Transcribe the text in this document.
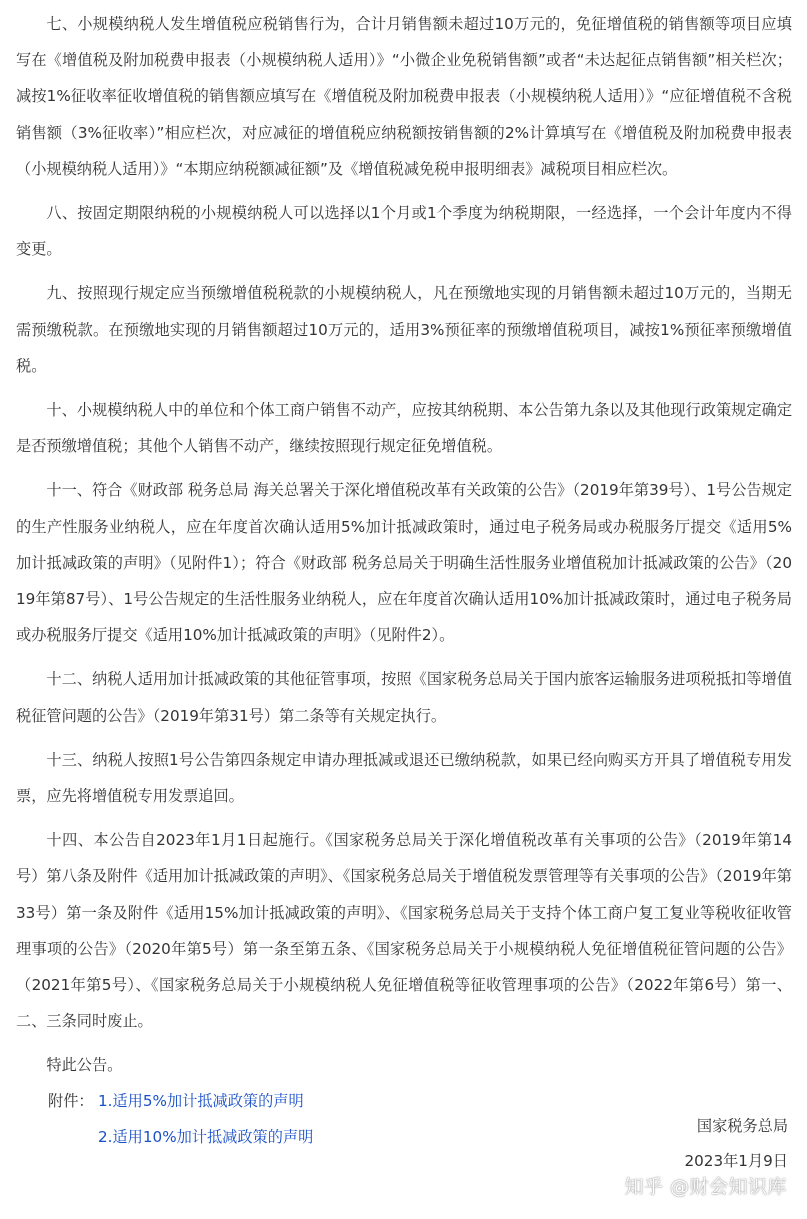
七、小规模纳税人发生增值税应税销售行为，合计月销售额未超过10万元的，免征增值税的销售额等项目应填写在《增值税及附加税费申报表（小规模纳税人适用）》“小微企业免税销售额”或者“未达起征点销售额”相关栏次；减按1%征收率征收增值税的销售额应填写在《增值税及附加税费申报表（小规模纳税人适用）》“应征增值税不含税销售额（3%征收率）”相应栏次，对应减征的增值税应纳税额按销售额的2%计算填写在《增值税及附加税费申报表（小规模纳税人适用）》“本期应纳税额减征额”及《增值税减免税申报明细表》减税项目相应栏次。

八、按固定期限纳税的小规模纳税人可以选择以1个月或1个季度为纳税期限，一经选择，一个会计年度内不得变更。

九、按照现行规定应当预缴增值税税款的小规模纳税人，凡在预缴地实现的月销售额未超过10万元的，当期无需预缴税款。在预缴地实现的月销售额超过10万元的，适用3%预征率的预缴增值税项目，减按1%预征率预缴增值税。

十、小规模纳税人中的单位和个体工商户销售不动产，应按其纳税期、本公告第九条以及其他现行政策规定确定是否预缴增值税；其他个人销售不动产，继续按照现行规定征免增值税。

十一、符合《财政部 税务总局 海关总署关于深化增值税改革有关政策的公告》（2019年第39号）、1号公告规定的生产性服务业纳税人，应在年度首次确认适用5%加计抵减政策时，通过电子税务局或办税服务厅提交《适用5%加计抵减政策的声明》（见附件1）；符合《财政部 税务总局关于明确生活性服务业增值税加计抵减政策的公告》（2019年第87号）、1号公告规定的生活性服务业纳税人，应在年度首次确认适用10%加计抵减政策时，通过电子税务局或办税服务厅提交《适用10%加计抵减政策的声明》（见附件2）。

十二、纳税人适用加计抵减政策的其他征管事项，按照《国家税务总局关于国内旅客运输服务进项税抵扣等增值税征管问题的公告》（2019年第31号）第二条等有关规定执行。

十三、纳税人按照1号公告第四条规定申请办理抵减或退还已缴纳税款，如果已经向购买方开具了增值税专用发票，应先将增值税专用发票追回。

十四、本公告自2023年1月1日起施行。《国家税务总局关于深化增值税改革有关事项的公告》（2019年第14号）第八条及附件《适用加计抵减政策的声明》、《国家税务总局关于增值税发票管理等有关事项的公告》（2019年第33号）第一条及附件《适用15%加计抵减政策的声明》、《国家税务总局关于支持个体工商户复工复业等税收征收管理事项的公告》（2020年第5号）第一条至第五条、《国家税务总局关于小规模纳税人免征增值税征管问题的公告》（2021年第5号）、《国家税务总局关于小规模纳税人免征增值税等征收管理事项的公告》（2022年第6号）第一、二、三条同时废止。

特此公告。

附件： 1.适用5%加计抵减政策的声明
2.适用10%加计抵减政策的声明
国家税务总局
2023年1月9日
知乎 @财会知识库
